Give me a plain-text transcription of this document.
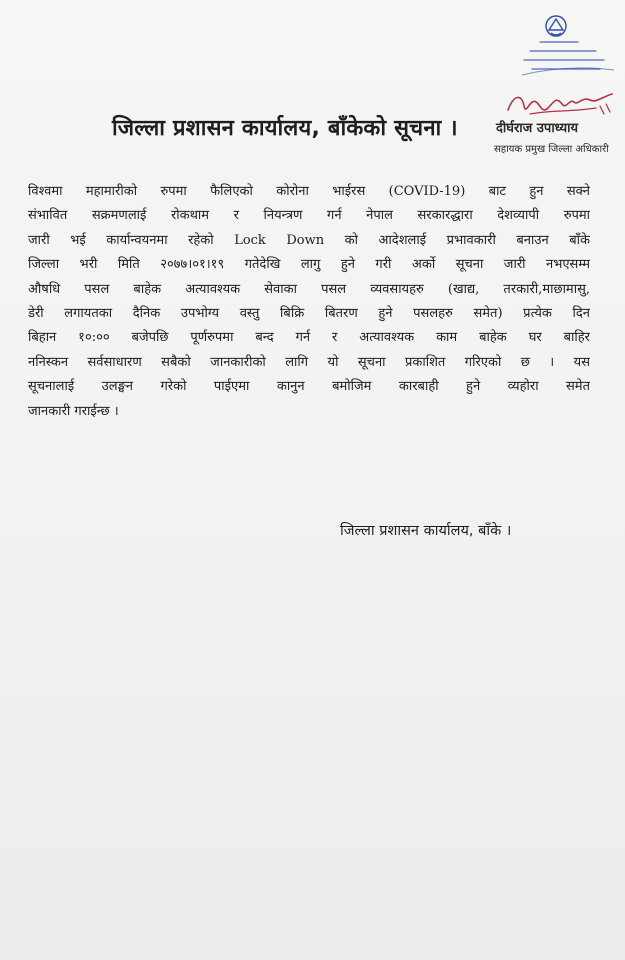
जिल्ला प्रशासन कार्यालय, बाँकेको सूचना ।	दीर्घराज उपाध्याय
सहायक प्रमुख जिल्ला अधिकारी
विश्वमा महामारीको रुपमा फैलिएको कोरोना भाईरस (COVID-19) बाट हुन सक्ने
संभावित सक्रमणलाई रोकथाम र नियन्त्रण गर्न नेपाल सरकारद्धारा देशव्यापी रुपमा
जारी भई कार्यान्वयनमा रहेको Lock Down को आदेशलाई प्रभावकारी बनाउन बाँके
जिल्ला भरी मिति २०७७।०१।१९ गतेदेखि लागु हुने गरी अर्को सूचना जारी नभएसम्म
औषधि पसल बाहेक अत्यावश्यक सेवाका पसल व्यवसायहरु (खाद्य, तरकारी,माछामासु,
डेरी लगायतका दैनिक उपभोग्य वस्तु बिक्रि बितरण हुने पसलहरु समेत) प्रत्येक दिन
बिहान १०:०० बजेपछि पूर्णरुपमा बन्द गर्न र अत्यावश्यक काम बाहेक घर बाहिर
ननिस्कन सर्वसाधारण सबैको जानकारीको लागि यो सूचना प्रकाशित गरिएको छ । यस
सूचनालाई उलङ्घन गरेको पाईएमा कानुन बमोजिम कारबाही हुने व्यहोरा समेत
जानकारी गराईन्छ ।
जिल्ला प्रशासन कार्यालय, बाँके ।
